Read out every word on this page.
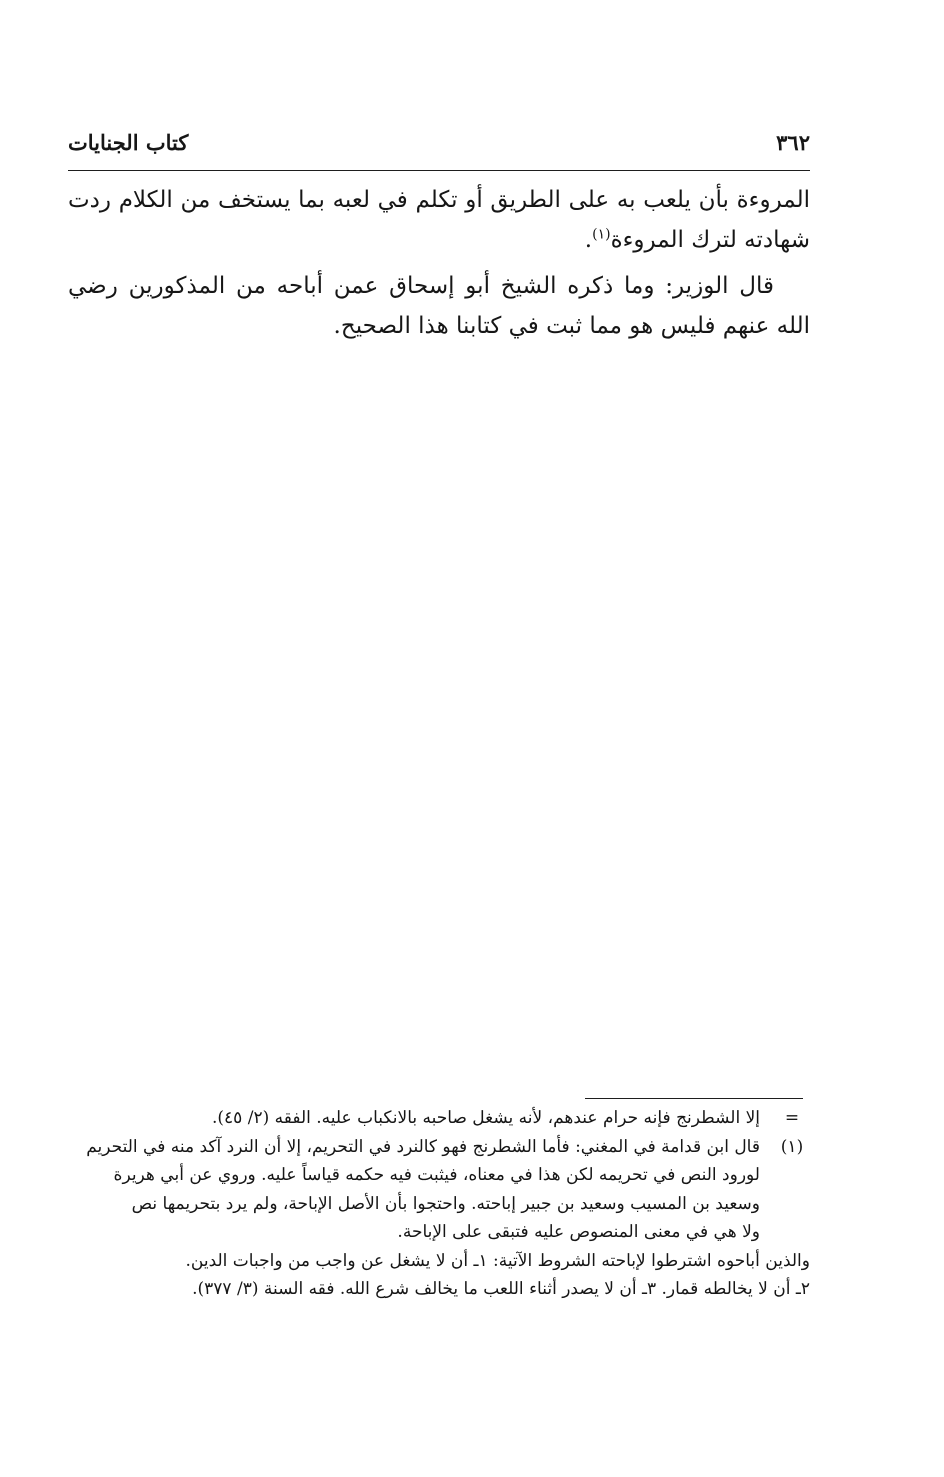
كتاب الجنايات	٣٦٢

المروءة بأن يلعب به على الطريق أو تكلم في لعبه بما يستخف من الكلام ردت شهادته لترك المروءة$^{(١)}$.

قال الوزير: وما ذكره الشيخ أبو إسحاق عمن أباحه من المذكورين رضي الله عنهم فليس هو مما ثبت في كتابنا هذا الصحيح.

=
إلا الشطرنج فإنه حرام عندهم، لأنه يشغل صاحبه بالانكباب عليه. الفقه (٢/ ٤٥).
(١)
قال ابن قدامة في المغني: فأما الشطرنج فهو كالنرد في التحريم، إلا أن النرد آكد منه في التحريم
لورود النص في تحريمه لكن هذا في معناه، فيثبت فيه حكمه قياساً عليه. وروي عن أبي هريرة
وسعيد بن المسيب وسعيد بن جبير إباحته. واحتجوا بأن الأصل الإباحة، ولم يرد بتحريمها نص
ولا هي في معنى المنصوص عليه فتبقى على الإباحة.
والذين أباحوه اشترطوا لإباحته الشروط الآتية: ١ـ أن لا يشغل عن واجب من واجبات الدين.
٢ـ أن لا يخالطه قمار. ٣ـ أن لا يصدر أثناء اللعب ما يخالف شرع الله. فقه السنة (٣/ ٣٧٧).
